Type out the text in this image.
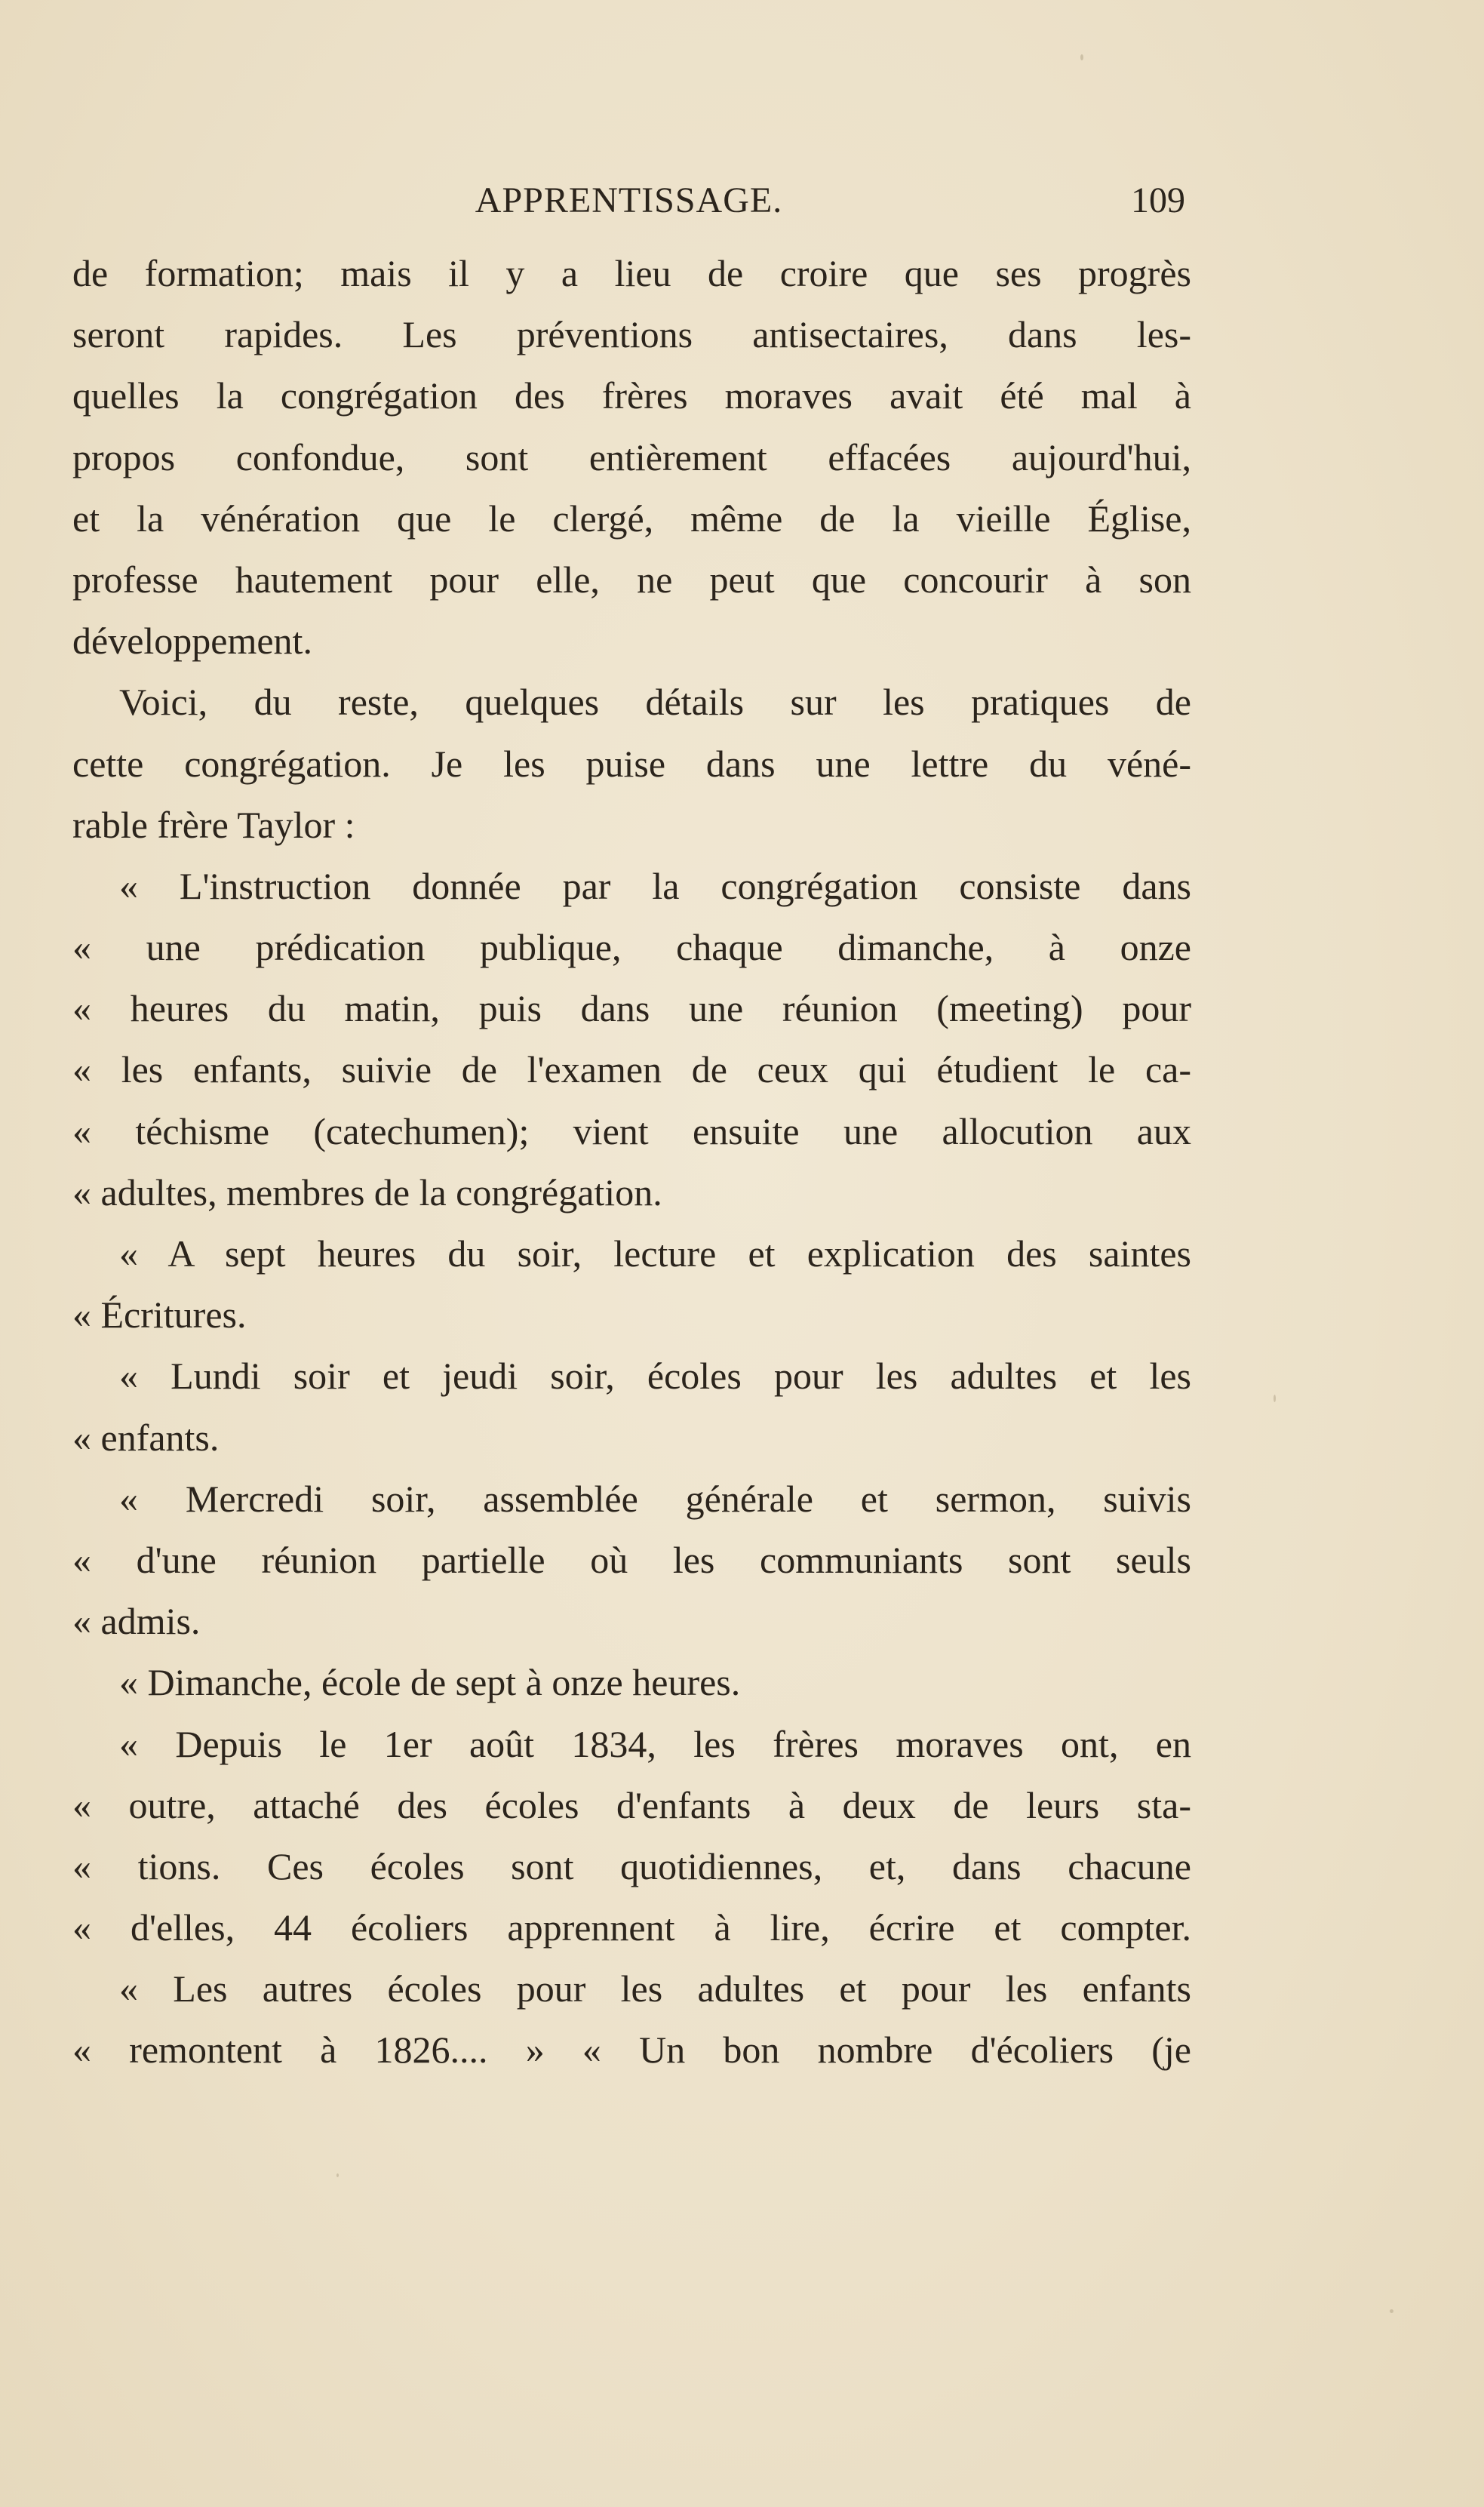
APPRENTISSAGE.	109
de formation; mais il y a lieu de croire que ses progrès
seront rapides. Les préventions antisectaires, dans les-
quelles la congrégation des frères moraves avait été mal à
propos confondue, sont entièrement effacées aujourd'hui,
et la vénération que le clergé, même de la vieille Église,
professe hautement pour elle, ne peut que concourir à son
développement.
Voici, du reste, quelques détails sur les pratiques de
cette congrégation. Je les puise dans une lettre du véné-
rable frère Taylor :
« L'instruction donnée par la congrégation consiste dans
« une prédication publique, chaque dimanche, à onze
« heures du matin, puis dans une réunion (meeting) pour
« les enfants, suivie de l'examen de ceux qui étudient le ca-
« téchisme (catechumen); vient ensuite une allocution aux
« adultes, membres de la congrégation.
« A sept heures du soir, lecture et explication des saintes
« Écritures.
« Lundi soir et jeudi soir, écoles pour les adultes et les
« enfants.
« Mercredi soir, assemblée générale et sermon, suivis
« d'une réunion partielle où les communiants sont seuls
« admis.
« Dimanche, école de sept à onze heures.
« Depuis le 1er août 1834, les frères moraves ont, en
« outre, attaché des écoles d'enfants à deux de leurs sta-
« tions. Ces écoles sont quotidiennes, et, dans chacune
« d'elles, 44 écoliers apprennent à lire, écrire et compter.
« Les autres écoles pour les adultes et pour les enfants
« remontent à 1826.... » « Un bon nombre d'écoliers (je
